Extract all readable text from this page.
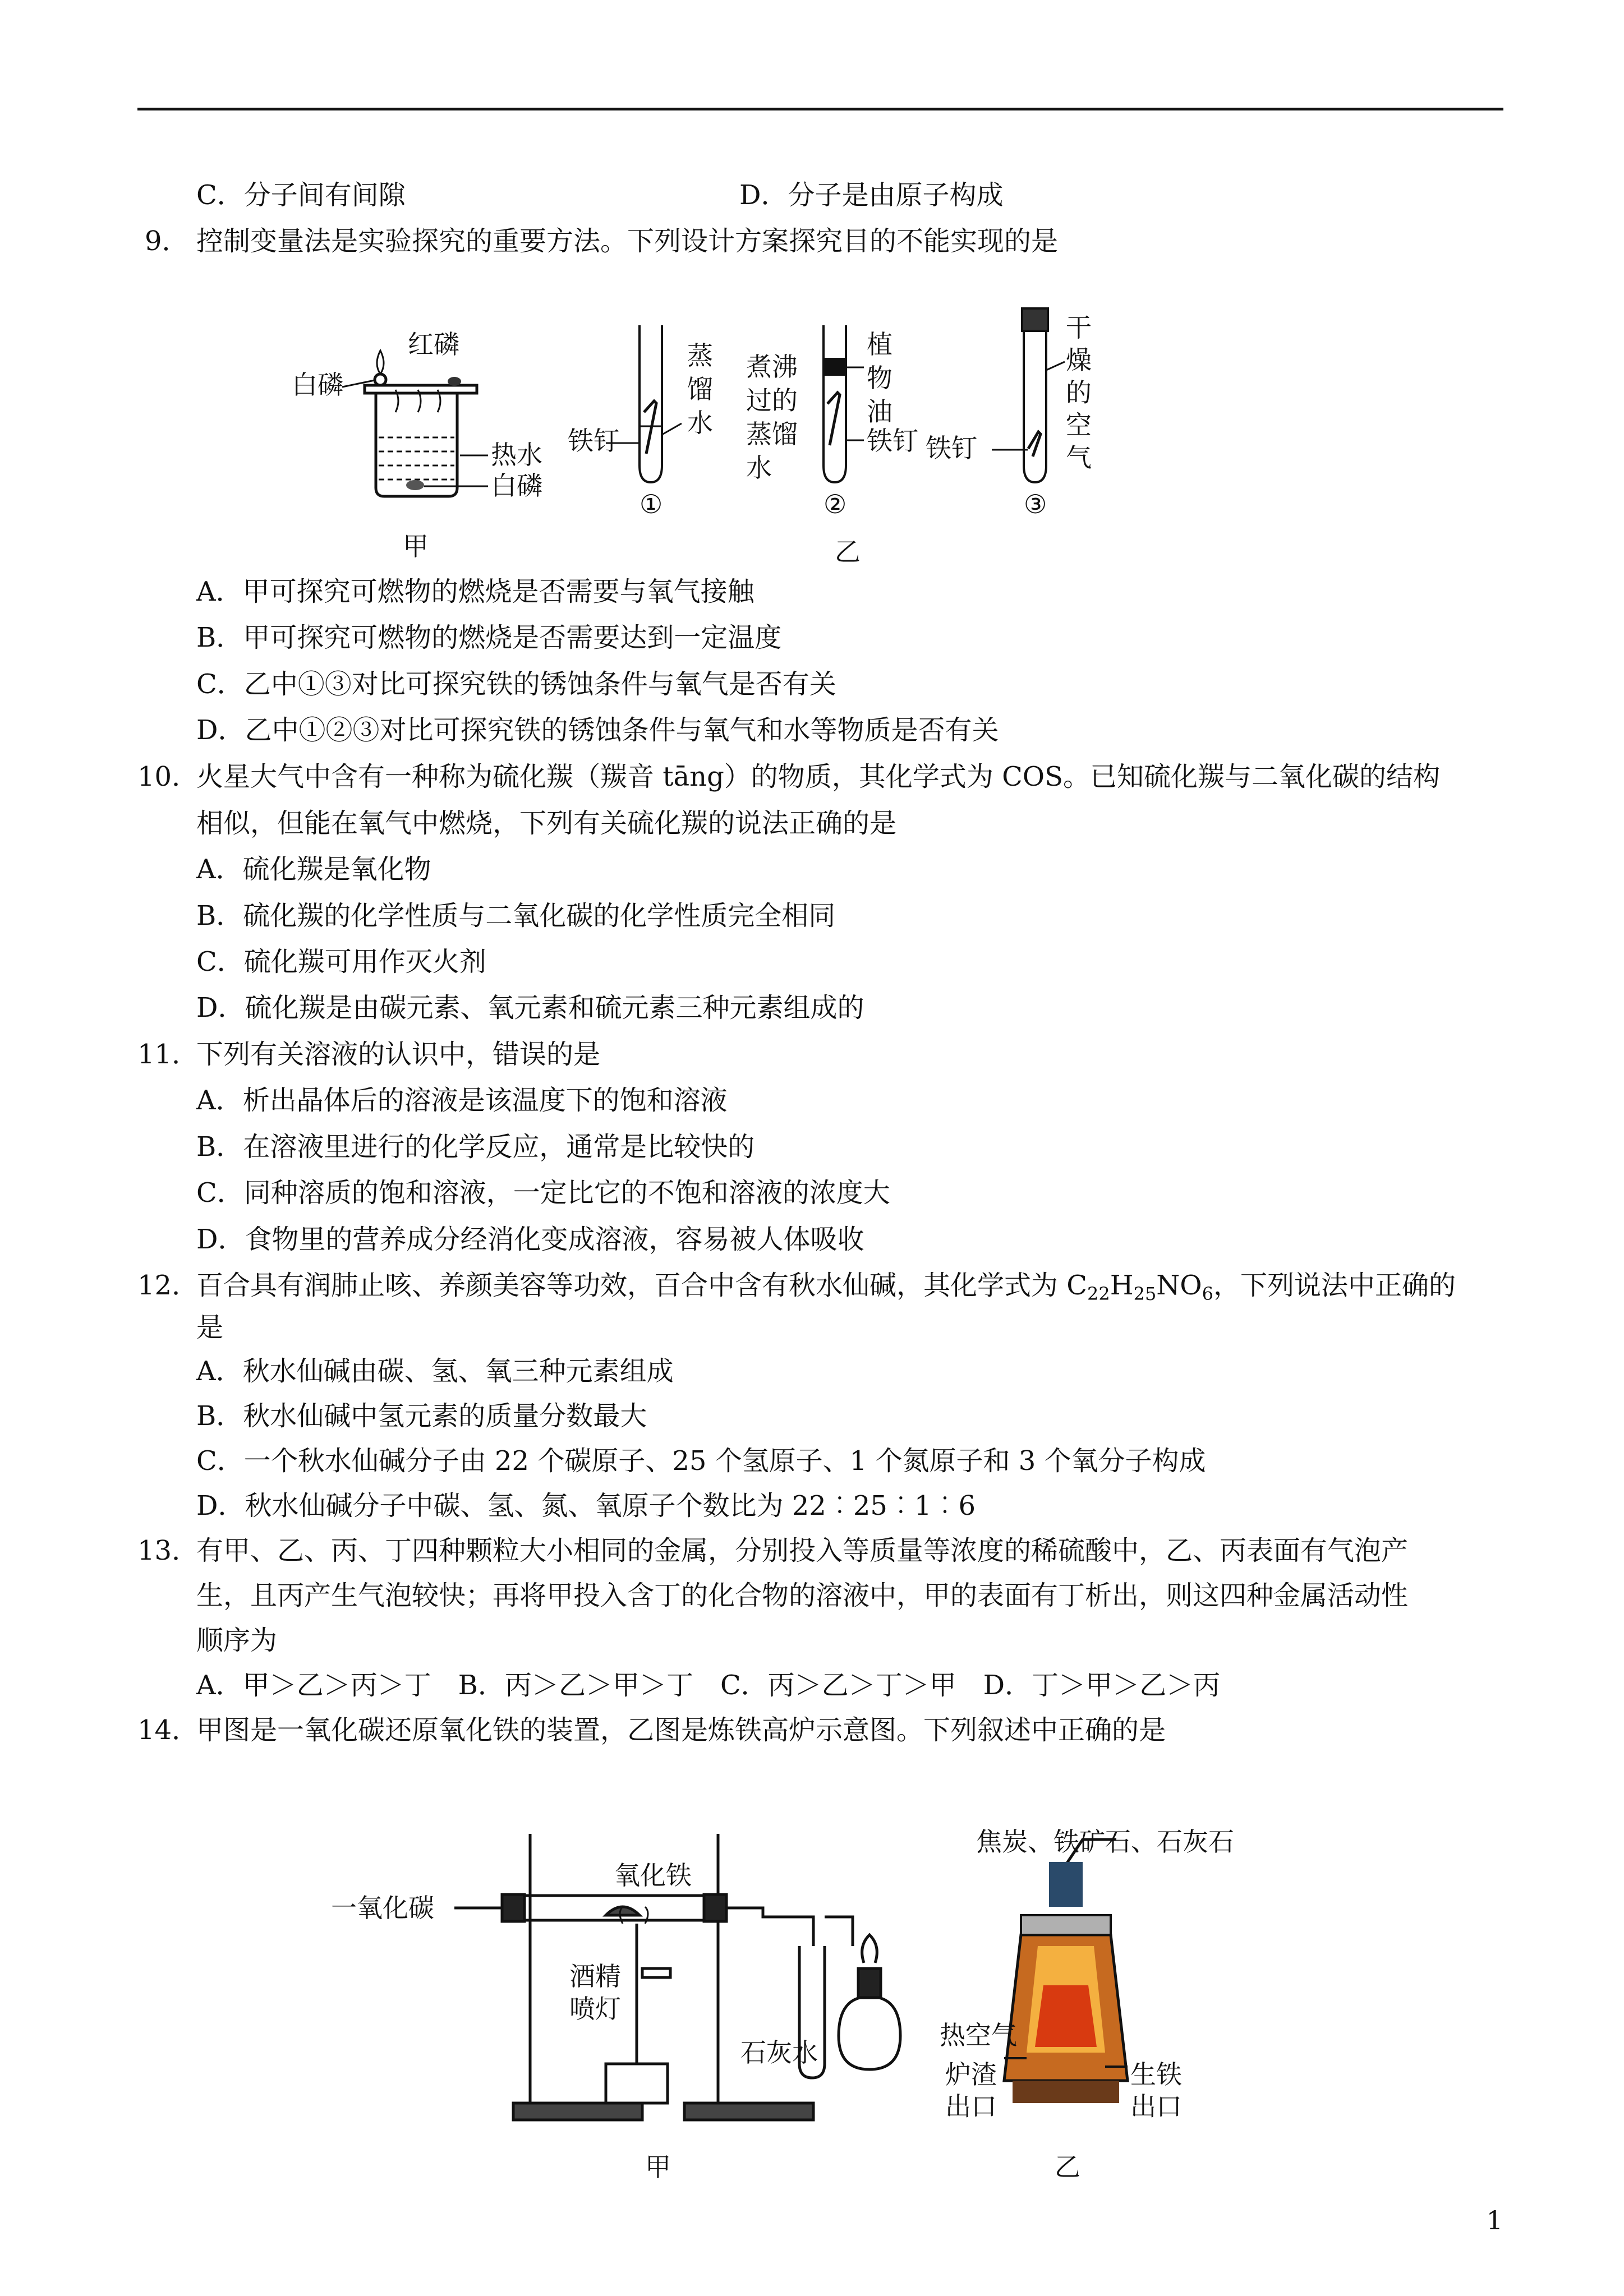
C．分子间有间隙	D．分子是由原子构成
9． 控制变量法是实验探究的重要方法。下列设计方案探究目的不能实现的是
红磷
白磷
热水
白磷
甲
铁钉
蒸
馏
水
①
煮沸
过的
蒸馏
水
植
物
油
铁钉
②
铁钉
干
燥
的
空
气
③
乙
A．甲可探究可燃物的燃烧是否需要与氧气接触
B．甲可探究可燃物的燃烧是否需要达到一定温度
C．乙中①③对比可探究铁的锈蚀条件与氧气是否有关
D．乙中①②③对比可探究铁的锈蚀条件与氧气和水等物质是否有关
10．
火星大气中含有一种称为硫化羰（羰音 tāng）的物质，其化学式为 COS。已知硫化羰与二氧化碳的结构
相似，但能在氧气中燃烧，下列有关硫化羰的说法正确的是
A．硫化羰是氧化物
B．硫化羰的化学性质与二氧化碳的化学性质完全相同
C．硫化羰可用作灭火剂
D．硫化羰是由碳元素、氧元素和硫元素三种元素组成的
11．
下列有关溶液的认识中，错误的是
A．析出晶体后的溶液是该温度下的饱和溶液
B．在溶液里进行的化学反应，通常是比较快的
C．同种溶质的饱和溶液，一定比它的不饱和溶液的浓度大
D．食物里的营养成分经消化变成溶液，容易被人体吸收
12．
百合具有润肺止咳、养颜美容等功效，百合中含有秋水仙碱，其化学式为 $C_{22}H_{25}NO_6$，下列说法中正确的
是
A．秋水仙碱由碳、氢、氧三种元素组成
B．秋水仙碱中氢元素的质量分数最大
C．一个秋水仙碱分子由 22 个碳原子、25 个氢原子、1 个氮原子和 3 个氧分子构成
D．秋水仙碱分子中碳、氢、氮、氧原子个数比为 22︰25︰1︰6
13．
有甲、乙、丙、丁四种颗粒大小相同的金属，分别投入等质量等浓度的稀硫酸中，乙、丙表面有气泡产
生，且丙产生气泡较快；再将甲投入含丁的化合物的溶液中，甲的表面有丁析出，则这四种金属活动性
顺序为
A．甲＞乙＞丙＞丁　B．丙＞乙＞甲＞丁　C．丙＞乙＞丁＞甲　D．丁＞甲＞乙＞丙
14．
甲图是一氧化碳还原氧化铁的装置，乙图是炼铁高炉示意图。下列叙述中正确的是
一氧化碳
氧化铁
酒精
喷灯
石灰水
甲
焦炭、铁矿石、石灰石
热空气
炉渣
出口
生铁
出口
乙
1
